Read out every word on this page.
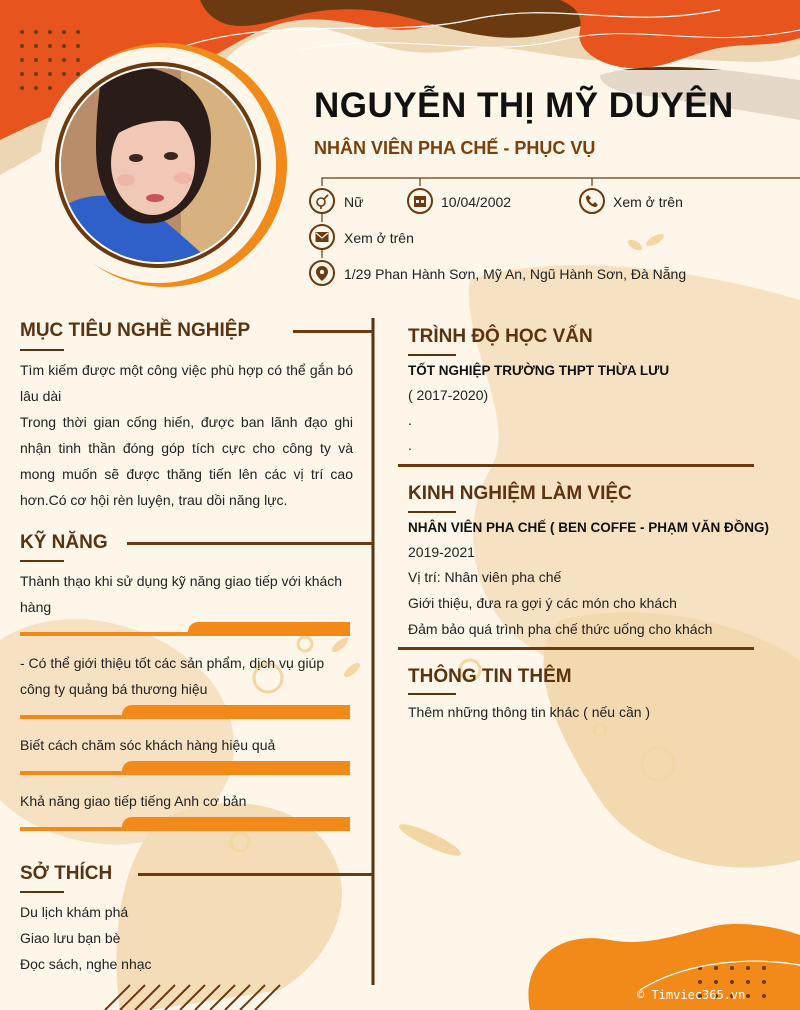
NGUYỄN THỊ MỸ DUYÊN
NHÂN VIÊN PHA CHẾ - PHỤC VỤ
Nữ	10/04/2002	Xem ở trên
Xem ở trên
1/29 Phan Hành Sơn, Mỹ An, Ngũ Hành Sơn, Đà Nẵng
MỤC TIÊU NGHỀ NGHIỆP
Tìm kiếm được một công việc phù hợp có thể gắn bó lâu dài
Trong thời gian cống hiến, được ban lãnh đạo ghi nhận tinh thần đóng góp tích cực cho công ty và mong muốn sẽ được thăng tiến lên các vị trí cao hơn.Có cơ hội rèn luyện, trau dồi năng lực.
KỸ NĂNG
Thành thạo khi sử dụng kỹ năng giao tiếp với khách hàng
- Có thể giới thiệu tốt các sản phẩm, dịch vụ giúp công ty quảng bá thương hiệu
Biết cách chăm sóc khách hàng hiệu quả
Khả năng giao tiếp tiếng Anh cơ bản
SỞ THÍCH
Du lịch khám phá
Giao lưu bạn bè
Đọc sách, nghe nhạc
TRÌNH ĐỘ HỌC VẤN
TỐT NGHIỆP TRƯỜNG THPT THỪA LƯU
( 2017-2020)
.
.
KINH NGHIỆM LÀM VIỆC
NHÂN VIÊN PHA CHẾ ( BEN COFFE - PHẠM VĂN ĐỒNG)
2019-2021
Vị trí: Nhân viên pha chế
Giới thiệu, đưa ra gợi ý các món cho khách
Đảm bảo quá trình pha chế thức uống cho khách
THÔNG TIN THÊM
Thêm những thông tin khác ( nếu cần )
© Timviec365.vn
